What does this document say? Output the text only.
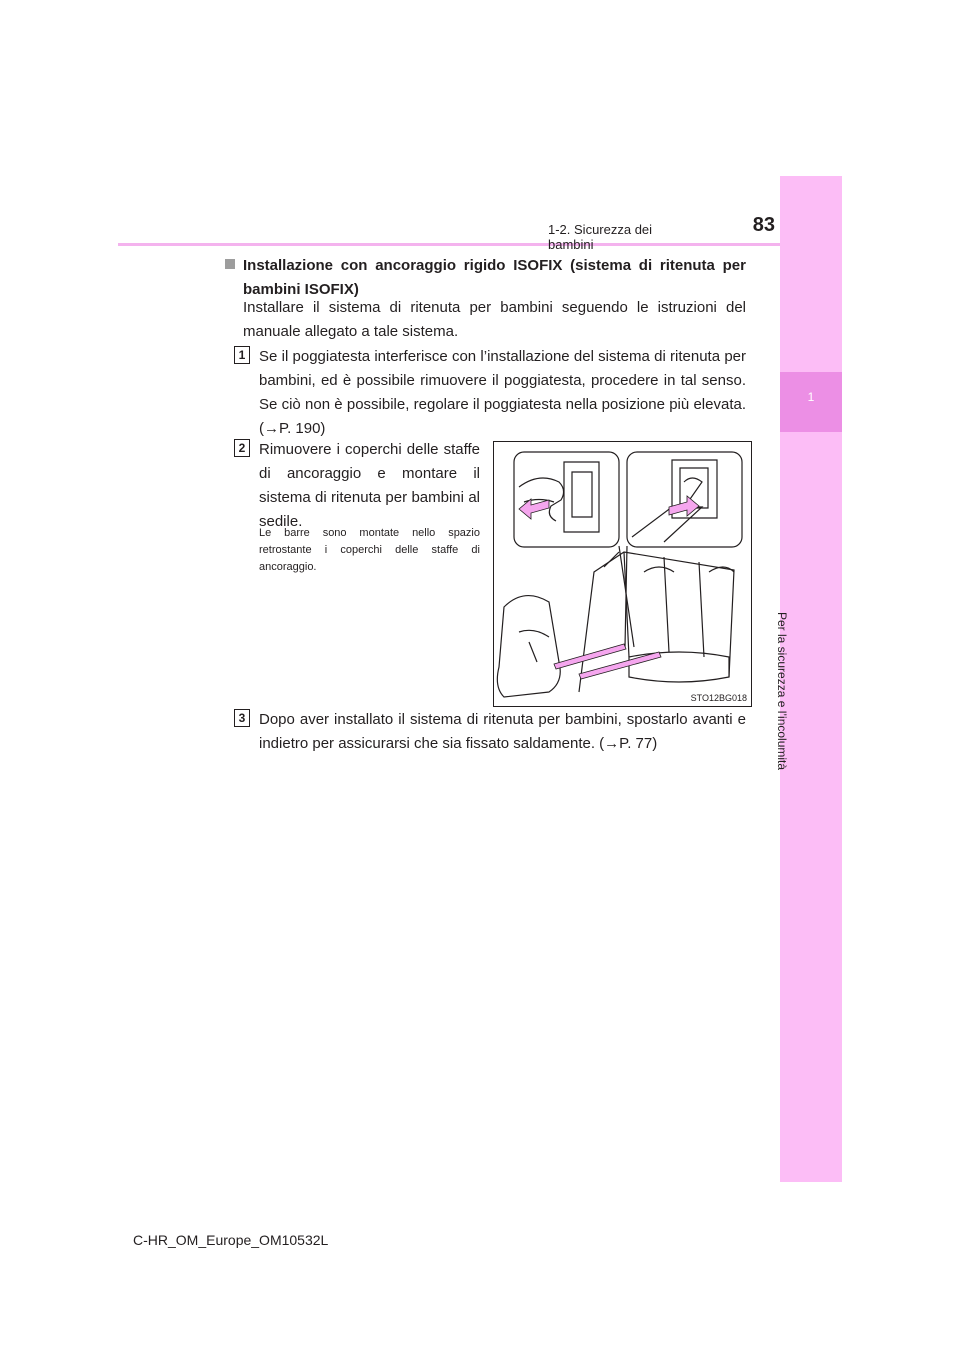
1-2. Sicurezza dei bambini
83
1
Per la sicurezza e l’incolumità
Installazione con ancoraggio rigido ISOFIX (sistema di ritenuta per bambini ISOFIX)
Installare il sistema di ritenuta per bambini seguendo le istruzioni del manuale allegato a tale sistema.
1 Se il poggiatesta interferisce con l’installazione del sistema di ritenuta per bambini, ed è possibile rimuovere il poggiatesta, procedere in tal senso. Se ciò non è possibile, regolare il poggiatesta nella posizione più elevata. (→P. 190)
2 Rimuovere i coperchi delle staffe di ancoraggio e montare il sistema di ritenuta per bambini al sedile.
Le barre sono montate nello spazio retrostante i coperchi delle staffe di ancoraggio.
STO12BG018
3 Dopo aver installato il sistema di ritenuta per bambini, spostarlo avanti e indietro per assicurarsi che sia fissato saldamente. (→P. 77)
C-HR_OM_Europe_OM10532L
